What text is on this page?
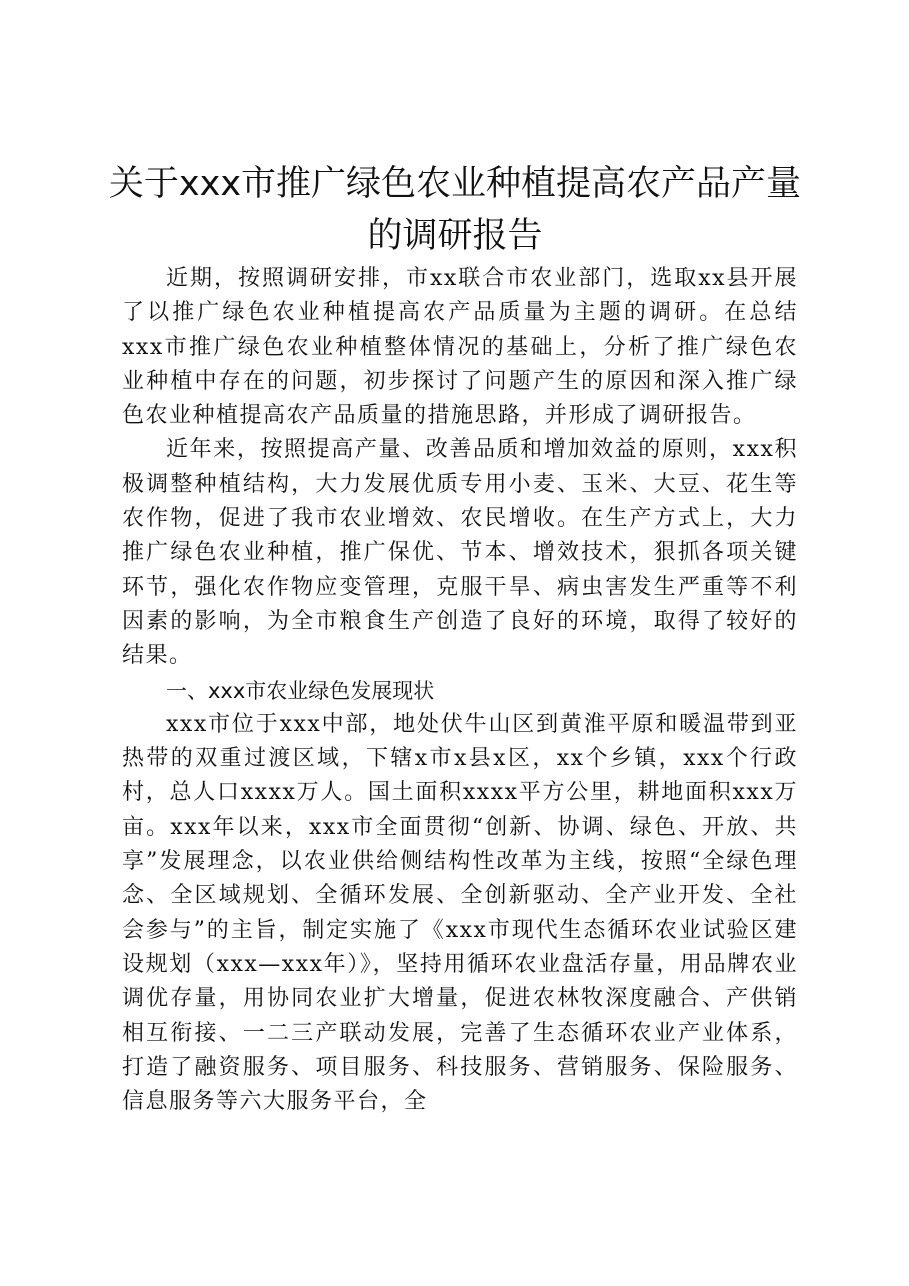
关于xxx市推广绿色农业种植提高农产品产量的调研报告

近期，按照调研安排，市xx联合市农业部门，选取xx县开展了以推广绿色农业种植提高农产品质量为主题的调研。在总结xxx市推广绿色农业种植整体情况的基础上，分析了推广绿色农业种植中存在的问题，初步探讨了问题产生的原因和深入推广绿色农业种植提高农产品质量的措施思路，并形成了调研报告。

近年来，按照提高产量、改善品质和增加效益的原则，xxx积极调整种植结构，大力发展优质专用小麦、玉米、大豆、花生等农作物，促进了我市农业增效、农民增收。在生产方式上，大力推广绿色农业种植，推广保优、节本、增效技术，狠抓各项关键环节，强化农作物应变管理，克服干旱、病虫害发生严重等不利因素的影响，为全市粮食生产创造了良好的环境，取得了较好的结果。

一、xxx市农业绿色发展现状

xxx市位于xxx中部，地处伏牛山区到黄淮平原和暖温带到亚热带的双重过渡区域，下辖x市x县x区，xx个乡镇，xxx个行政村，总人口xxxx万人。国土面积xxxx平方公里，耕地面积xxx万亩。xxx年以来，xxx市全面贯彻“创新、协调、绿色、开放、共享”发展理念，以农业供给侧结构性改革为主线，按照“全绿色理念、全区域规划、全循环发展、全创新驱动、全产业开发、全社会参与”的主旨，制定实施了《xxx市现代生态循环农业试验区建设规划（xxx—xxx年）》，坚持用循环农业盘活存量，用品牌农业调优存量，用协同农业扩大增量，促进农林牧深度融合、产供销相互衔接、一二三产联动发展，完善了生态循环农业产业体系，打造了融资服务、项目服务、科技服务、营销服务、保险服务、信息服务等六大服务平台，全
